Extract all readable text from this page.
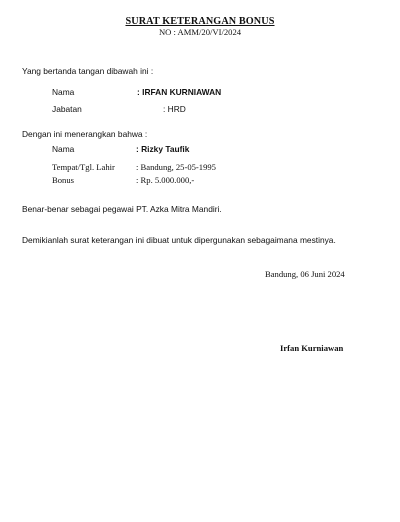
SURAT KETERANGAN BONUS
NO : AMM/20/VI/2024
Yang bertanda tangan dibawah ini :
Nama	: IRFAN KURNIAWAN
Jabatan	: HRD
Dengan ini menerangkan bahwa :
Nama	: Rizky Taufik
Tempat/Tgl. Lahir : Bandung, 25-05-1995
Bonus	: Rp. 5.000.000,-
Benar-benar sebagai pegawai PT. Azka Mitra Mandiri.
Demikianlah surat keterangan ini dibuat untuk dipergunakan sebagaimana mestinya.
Bandung, 06 Juni 2024
Irfan Kurniawan
